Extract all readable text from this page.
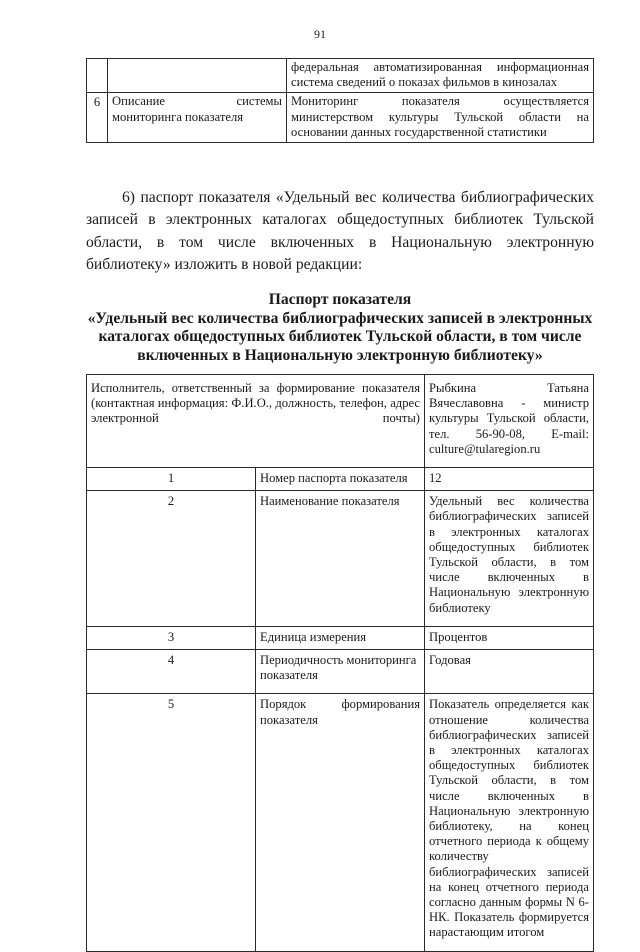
91
		федеральная автоматизированная информационная система сведений о показах фильмов в кинозалах
6	Описание системы мониторинга показателя	Мониторинг показателя осуществляется министерством культуры Тульской области на основании данных государственной статистики
6) паспорт показателя «Удельный вес количества библиографических записей в электронных каталогах общедоступных библиотек Тульской области, в том числе включенных в Национальную электронную библиотеку» изложить в новой редакции:
Паспорт показателя
«Удельный вес количества библиографических записей в электронных каталогах общедоступных библиотек Тульской области, в том числе включенных в Национальную электронную библиотеку»
Исполнитель, ответственный за формирование показателя (контактная информация: Ф.И.О., должность, телефон, адрес электронной почты)		Рыбкина Татьяна Вячеславовна - министр культуры Тульской области, тел. 56-90-08, E-mail: culture@tularegion.ru
1	Номер паспорта показателя	12
2	Наименование показателя	Удельный вес количества библиографических записей в электронных каталогах общедоступных библиотек Тульской области, в том числе включенных в Национальную электронную библиотеку
3	Единица измерения	Процентов
4	Периодичность мониторинга показателя	Годовая
5	Порядок формирования показателя	Показатель определяется как отношение количества библиографических записей в электронных каталогах общедоступных библиотек Тульской области, в том числе включенных в Национальную электронную библиотеку, на конец отчетного периода к общему количеству библиографических записей на конец отчетного периода согласно данным формы N 6-НК. Показатель формируется нарастающим итогом
